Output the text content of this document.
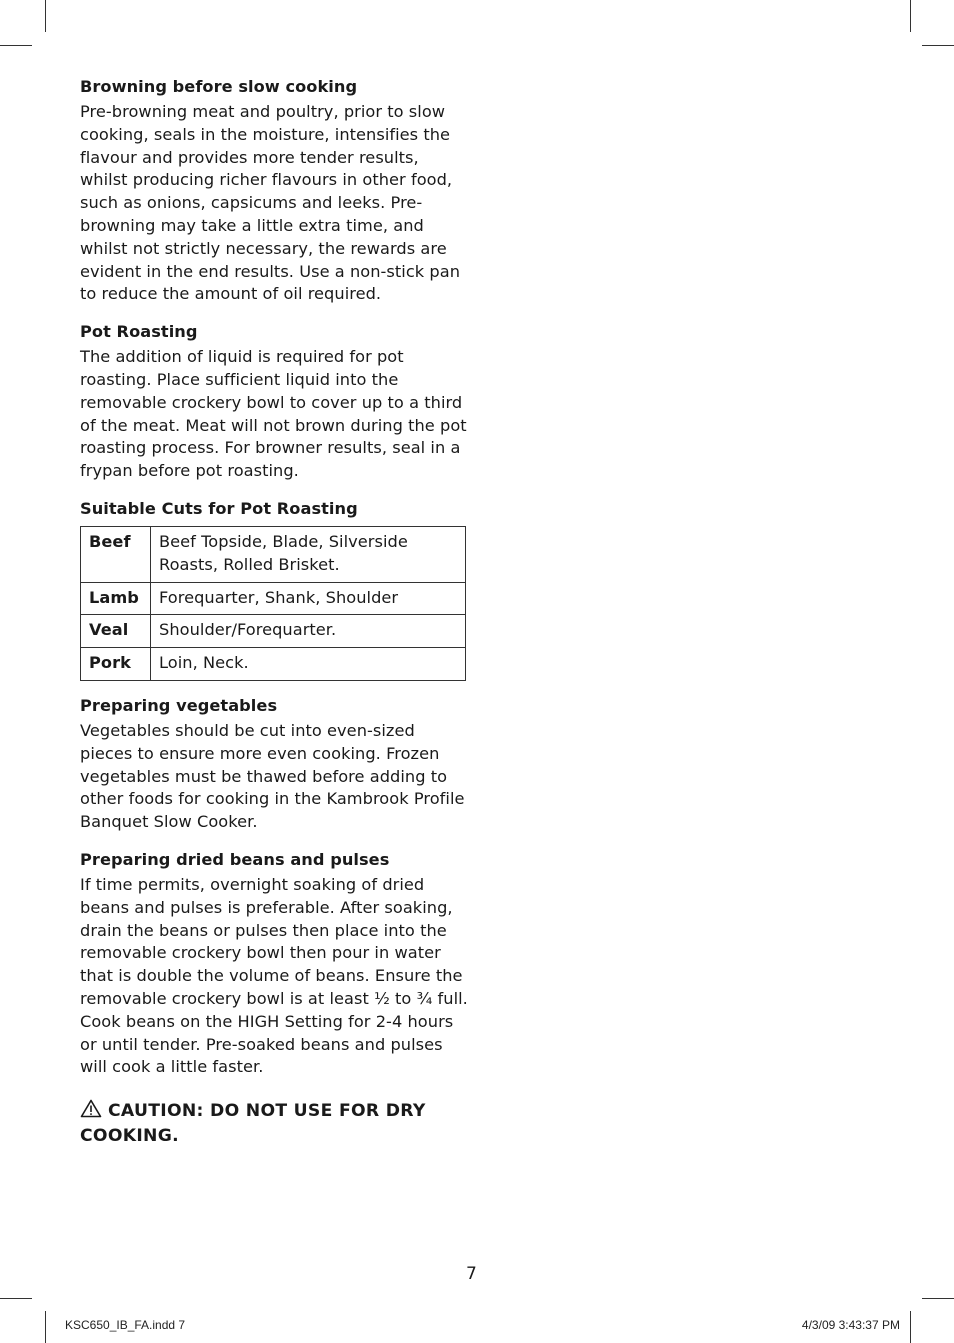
Browning before slow cooking

Pre-browning meat and poultry, prior to slow cooking, seals in the moisture, intensifies the flavour and provides more tender results, whilst producing richer flavours in other food, such as onions, capsicums and leeks. Pre-browning may take a little extra time, and whilst not strictly necessary, the rewards are evident in the end results. Use a non-stick pan to reduce the amount of oil required.

Pot Roasting

The addition of liquid is required for pot roasting. Place sufficient liquid into the removable crockery bowl to cover up to a third of the meat. Meat will not brown during the pot roasting process. For browner results, seal in a frypan before pot roasting.

Suitable Cuts for Pot Roasting
Beef	Beef Topside, Blade, Silverside Roasts, Rolled Brisket.
Lamb	Forequarter, Shank, Shoulder
Veal	Shoulder/Forequarter.
Pork	Loin, Neck.
Preparing vegetables

Vegetables should be cut into even-sized pieces to ensure more even cooking. Frozen vegetables must be thawed before adding to other foods for cooking in the Kambrook Profile Banquet Slow Cooker.

Preparing dried beans and pulses

If time permits, overnight soaking of dried beans and pulses is preferable. After soaking, drain the beans or pulses then place into the removable crockery bowl then pour in water that is double the volume of beans. Ensure the removable crockery bowl is at least ½ to ¾ full. Cook beans on the HIGH Setting for 2-4 hours or until tender. Pre-soaked beans and pulses will cook a little faster.

CAUTION: DO NOT USE FOR DRY COOKING.
7
KSC650_IB_FA.indd 7	4/3/09 3:43:37 PM
